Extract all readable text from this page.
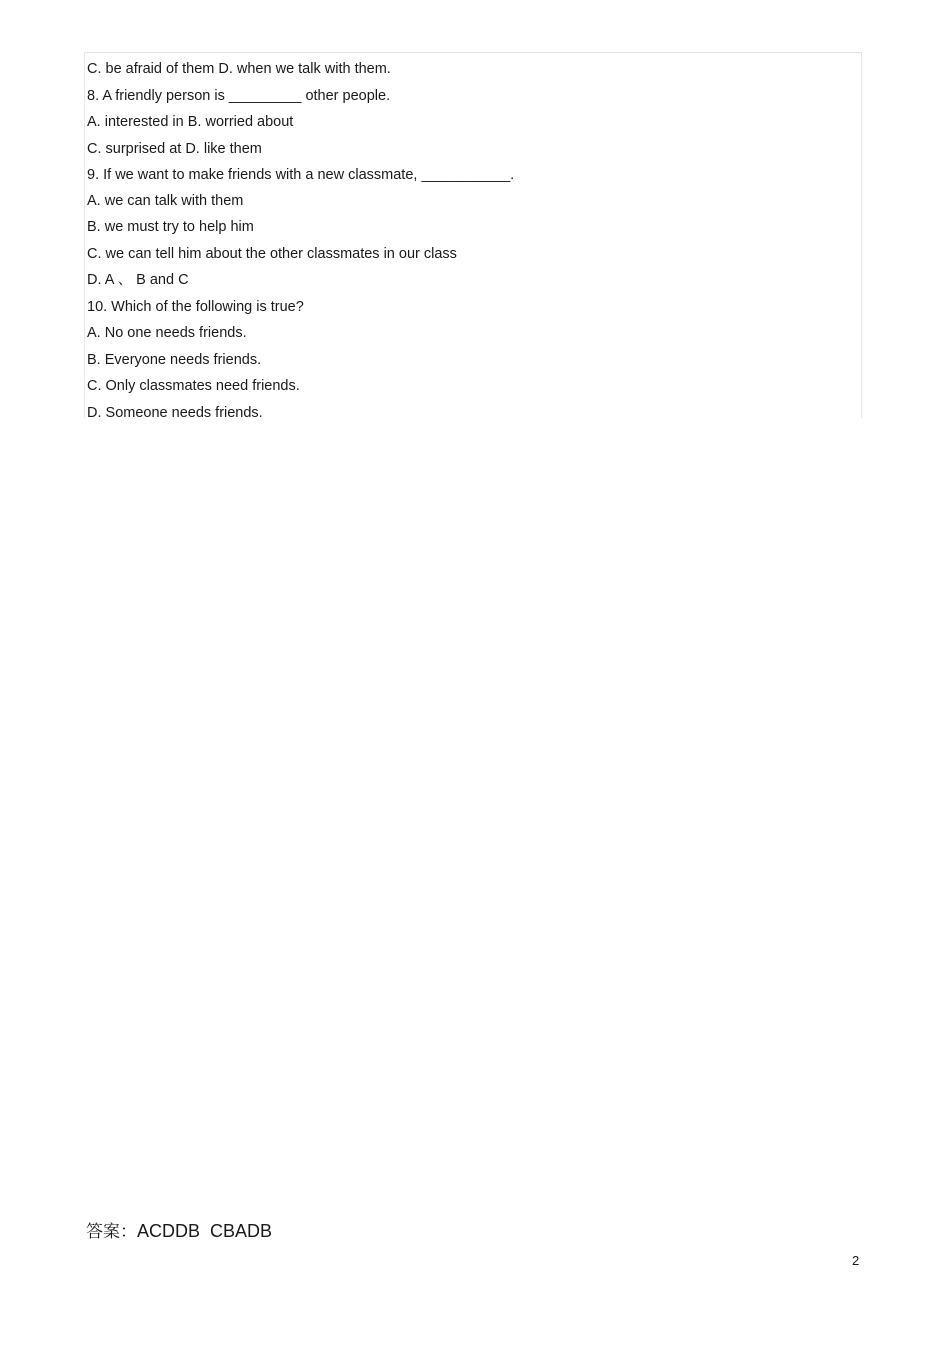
C. be afraid of them D. when we talk with them.
8. A friendly person is _________ other people.
A. interested in B. worried about
C. surprised at D. like them
9. If we want to make friends with a new classmate, ___________.
A. we can talk with them
B. we must try to help him
C. we can tell him about the other classmates in our class
D. A 、 B and C
10. Which of the following is true?
A. No one needs friends.
B. Everyone needs friends.
C. Only classmates need friends.
D. Someone needs friends.
答案：ACDDB  CBADB
2
